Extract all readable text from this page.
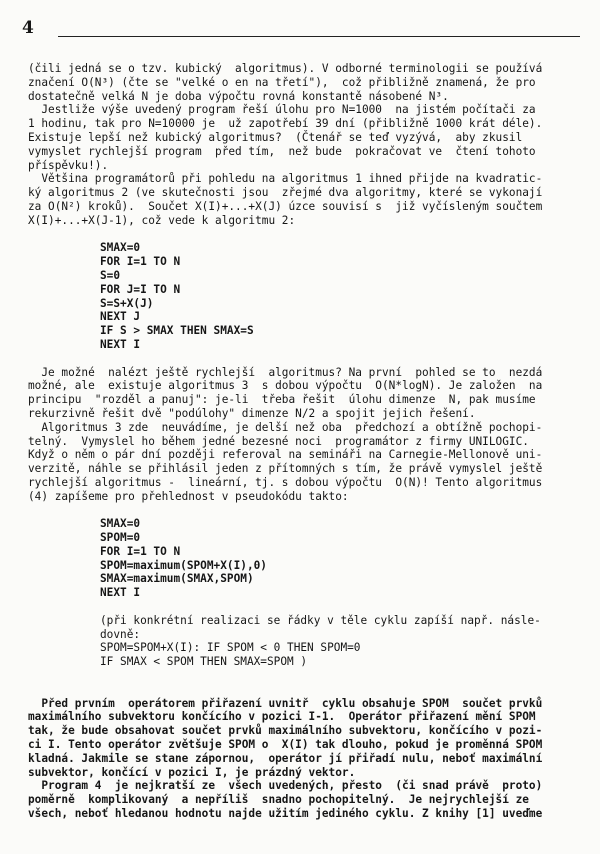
4
(čili jedná se o tzv. kubický  algoritmus). V odborné terminologii se používá
značení O(N³) (čte se "velké o en na třetí"),  což přibližně znamená, že pro
dostatečně velká N je doba výpočtu rovná konstantě násobené N³.
Jestliže výše uvedený program řeší úlohu pro N=1000  na jistém počítači za
1 hodinu, tak pro N=10000 je  už zapotřebí 39 dní (přibližně 1000 krát déle).
Existuje lepší než kubický algoritmus?  (Čtenář se teď vyzývá,  aby zkusil
vymyslet rychlejší program  před tím,  než bude  pokračovat ve  čtení tohoto
příspěvku!).
Většina programátorů při pohledu na algoritmus 1 ihned přijde na kvadratic-
ký algoritmus 2 (ve skutečnosti jsou  zřejmé dva algoritmy, které se vykonají
za O(N²) kroků).  Součet X(I)+...+X(J) úzce souvisí s  již vyčísleným součtem
X(I)+...+X(J-1), což vede k algoritmu 2:
SMAX=0
FOR I=1 TO N
S=0
FOR J=I TO N
S=S+X(J)
NEXT J
IF S > SMAX THEN SMAX=S
NEXT I
Je možné  nalézt ještě rychlejší  algoritmus? Na první  pohled se to  nezdá
možné, ale  existuje algoritmus 3  s dobou výpočtu  O(N*logN). Je založen  na
principu  "rozděl a panuj": je-li  třeba řešit  úlohu dimenze  N, pak musíme
rekurzivně řešit dvě "podúlohy" dimenze N/2 a spojit jejich řešení.
Algoritmus 3 zde  neuvádíme, je delší než oba  předchozí a obtížně pochopi-
telný.  Vymyslel ho během jedné bezesné noci  programátor z firmy UNILOGIC.
Když o něm o pár dní později referoval na semináři na Carnegie-Mellonově uni-
verzitě, náhle se přihlásil jeden z přítomných s tím, že právě vymyslel ještě
rychlejší algoritmus -  lineární, tj. s dobou výpočtu  O(N)! Tento algoritmus
(4) zapíšeme pro přehlednost v pseudokódu takto:
SMAX=0
SPOM=0
FOR I=1 TO N
SPOM=maximum(SPOM+X(I),0)
SMAX=maximum(SMAX,SPOM)
NEXT I
(při konkrétní realizaci se řádky v těle cyklu zapíší např. násle-
dovně:
SPOM=SPOM+X(I): IF SPOM < 0 THEN SPOM=0
IF SMAX < SPOM THEN SMAX=SPOM )
Před prvním  operátorem přiřazení uvnitř  cyklu obsahuje SPOM  součet prvků
maximálního subvektoru končícího v pozici I-1.  Operátor přiřazení mění SPOM
tak, že bude obsahovat součet prvků maximálního subvektoru, končícího v pozi-
ci I. Tento operátor zvětšuje SPOM o  X(I) tak dlouho, pokud je proměnná SPOM
kladná. Jakmile se stane zápornou,  operátor jí přiřadí nulu, neboť maximální
subvektor, končící v pozici I, je prázdný vektor.
Program 4  je nejkratší ze  všech uvedených, přesto  (či snad právě  proto)
poměrně  komplikovaný  a nepříliš  snadno pochopitelný.  Je nejrychlejší ze
všech, neboť hledanou hodnotu najde užitím jediného cyklu. Z knihy [1] uveďme
